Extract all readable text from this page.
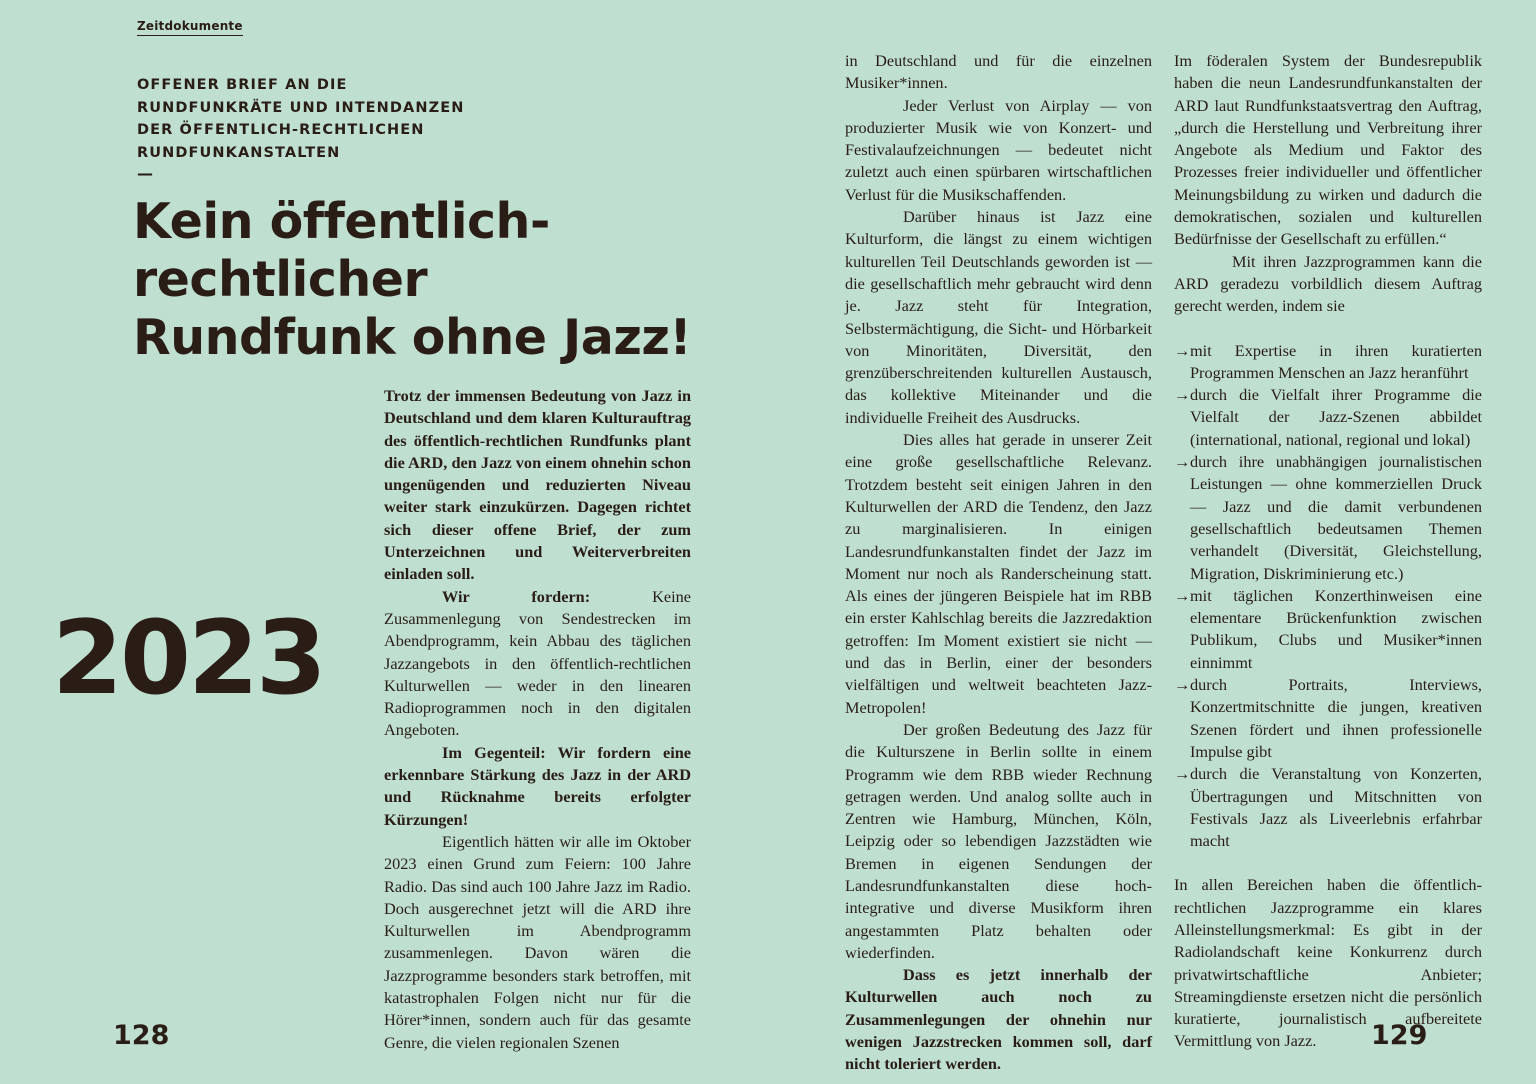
Zeitdokumente
OFFENER BRIEF AN DIE
RUNDFUNKRÄTE UND INTENDANZEN
DER ÖFFENTLICH-RECHTLICHEN
RUNDFUNKANSTALTEN
—
Kein öffentlich-rechtlicher Rundfunk ohne Jazz!
2023
128	129

Trotz der immensen Bedeutung von Jazz in Deutschland und dem klaren Kulturauftrag des öffentlich-rechtlichen Rundfunks plant die ARD, den Jazz von einem ohnehin schon ungenügenden und reduzierten Niveau weiter stark einzukürzen. Dagegen richtet sich dieser offene Brief, der zum Unterzeichnen und Weiterverbreiten einladen soll.

Wir fordern: Keine Zusammenlegung von Sendestrecken im Abendprogramm, kein Abbau des täglichen Jazzangebots in den öffentlich-rechtlichen Kulturwellen — weder in den linearen Radioprogrammen noch in den digitalen Angeboten.

Im Gegenteil: Wir fordern eine erkennbare Stärkung des Jazz in der ARD und Rücknahme bereits erfolgter Kürzungen!

Eigentlich hätten wir alle im Oktober 2023 einen Grund zum Feiern: 100 Jahre Radio. Das sind auch 100 Jahre Jazz im Radio. Doch ausgerechnet jetzt will die ARD ihre Kulturwellen im Abendprogramm zusammenlegen. Davon wären die Jazzprogramme besonders stark betroffen, mit katastrophalen Folgen nicht nur für die Hörer*innen, sondern auch für das gesamte Genre, die vielen regionalen Szenen

in Deutschland und für die einzelnen Musiker*innen.

Jeder Verlust von Airplay — von produzierter Musik wie von Konzert- und Festivalaufzeichnungen — bedeutet nicht zuletzt auch einen spürbaren wirtschaftlichen Verlust für die Musikschaffenden.

Darüber hinaus ist Jazz eine Kulturform, die längst zu einem wichtigen kulturellen Teil Deutschlands geworden ist — die gesellschaftlich mehr gebraucht wird denn je. Jazz steht für Integration, Selbstermächtigung, die Sicht- und Hörbarkeit von Minoritäten, Diversität, den grenzüberschreitenden kulturellen Austausch, das kollektive Miteinander und die individuelle Freiheit des Ausdrucks.

Dies alles hat gerade in unserer Zeit eine große gesellschaftliche Relevanz. Trotzdem besteht seit einigen Jahren in den Kulturwellen der ARD die Tendenz, den Jazz zu marginalisieren. In einigen Landesrundfunkanstalten findet der Jazz im Moment nur noch als Randerscheinung statt. Als eines der jüngeren Beispiele hat im RBB ein erster Kahlschlag bereits die Jazzredaktion getroffen: Im Moment existiert sie nicht — und das in Berlin, einer der besonders vielfältigen und weltweit beachteten Jazz-Metropolen!

Der großen Bedeutung des Jazz für die Kulturszene in Berlin sollte in einem Programm wie dem RBB wieder Rechnung getragen werden. Und analog sollte auch in Zentren wie Hamburg, München, Köln, Leipzig oder so lebendigen Jazzstädten wie Bremen in eigenen Sendungen der Landesrundfunkanstalten diese hoch-integrative und diverse Musikform ihren angestammten Platz behalten oder wiederfinden.

Dass es jetzt innerhalb der Kulturwellen auch noch zu Zusammenlegungen der ohnehin nur wenigen Jazzstrecken kommen soll, darf nicht toleriert werden.

Im föderalen System der Bundesrepublik haben die neun Landesrundfunkanstalten der ARD laut Rundfunkstaatsvertrag den Auftrag, „durch die Herstellung und Verbreitung ihrer Angebote als Medium und Faktor des Prozesses freier individueller und öffentlicher Meinungsbildung zu wirken und dadurch die demokratischen, sozialen und kulturellen Bedürfnisse der Gesellschaft zu erfüllen.“

Mit ihren Jazzprogrammen kann die ARD geradezu vorbildlich diesem Auftrag gerecht werden, indem sie

→ mit Expertise in ihren kuratierten Programmen Menschen an Jazz heranführt
→ durch die Vielfalt ihrer Programme die Vielfalt der Jazz-Szenen abbildet (international, national, regional und lokal)
→ durch ihre unabhängigen journalistischen Leistungen — ohne kommerziellen Druck — Jazz und die damit verbundenen gesellschaftlich bedeutsamen Themen verhandelt (Diversität, Gleichstellung, Migration, Diskriminierung etc.)
→ mit täglichen Konzerthinweisen eine elementare Brückenfunktion zwischen Publikum, Clubs und Musiker*innen einnimmt
→ durch Portraits, Interviews, Konzertmitschnitte die jungen, kreativen Szenen fördert und ihnen professionelle Impulse gibt
→ durch die Veranstaltung von Konzerten, Übertragungen und Mitschnitten von Festivals Jazz als Liveerlebnis erfahrbar macht

In allen Bereichen haben die öffentlich-rechtlichen Jazzprogramme ein klares Alleinstellungsmerkmal: Es gibt in der Radiolandschaft keine Konkurrenz durch privatwirtschaftliche Anbieter; Streamingdienste ersetzen nicht die persönlich kuratierte, journalistisch aufbereitete Vermittlung von Jazz.
